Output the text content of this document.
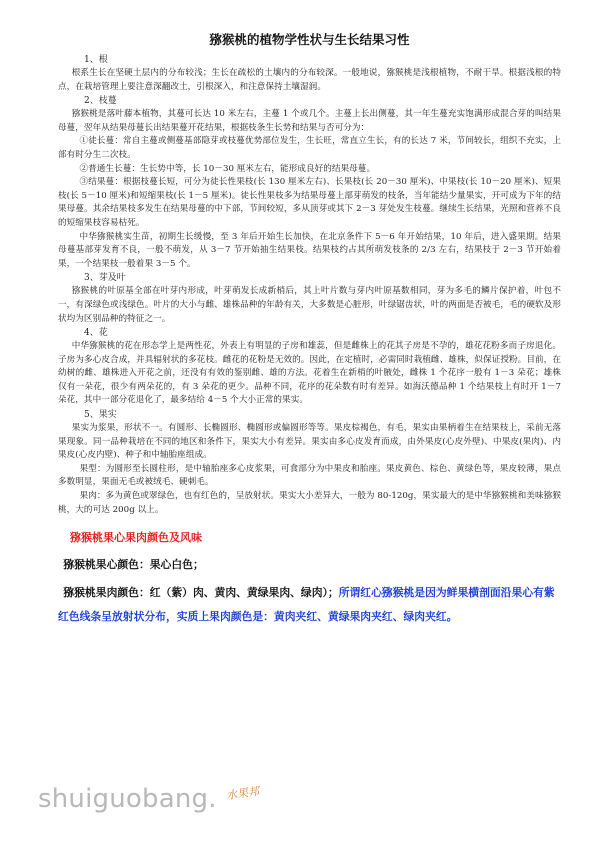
猕猴桃的植物学性状与生长结果习性
1、根

根系生长在坚硬土层内的分布较浅；生长在疏松的土壤内的分布较深。一般地说，猕猴桃是浅根植物，不耐干旱。根据浅根的特点，在栽培管理上要注意深翻改土，引根深入，和注意保持土壤湿润。

2、枝蔓

猕猴桃是落叶藤本植物，其蔓可长达 10 米左右，主蔓 1 个或几个。主蔓上长出侧蔓，其一年生蔓充实饱满形成混合芽的叫结果母蔓，翌年从结果母蔓长出结果蔓开花结果，根据枝条生长势和结果与否可分为：

①徒长蔓：常自主蔓或侧蔓基部隐芽或枝蔓优势部位发生，生长旺，常直立生长，有的长达 7 米，节间较长，组织不充实，上部有时分生二次枝。

②普通生长蔓：生长势中等，长 10－30 厘米左右，能形成良好的结果母蔓。

③结果蔓：根据枝蔓长短，可分为徒长性果枝(长 130 厘米左右)、长果枝(长 20－30 厘米)、中果枝(长 10－20 厘米)、短果枝(长 5－10 厘米)和短缩果枝(长 1－5 厘米)。徒长性果枝多为结果母蔓上部芽萌发的枝条，当年能结少量果实，开可成为下年的结果母蔓。其余结果枝多发生在结果母蔓的中下部，节间较短，多从顶芽或其下 2－3 芽处发生枝蔓。继续生长结果，光照和营养不良的短缩果枝容易枯死。

中华猕猴桃实生苗，初期生长缓慢，至 3 年后开始生长加快，在北京条件下 5－6 年开始结果，10 年后，进入盛果期。结果母蔓基部芽发育不良，一般不萌发，从 3－7 节开始抽生结果枝。结果枝约占其所萌发枝条的 2/3 左右，结果枝于 2－3 节开始着果，一个结果枝一般着果 3－5 个。

3、芽及叶

猕猴桃的叶原基全部在叶芽内形成，叶芽萌发长成新梢后，其上叶片数与芽内叶原基数相同，芽为多毛的鳞片保护着，叶包不一，有深绿色或浅绿色。叶片的大小与雌、雄株品种的年龄有关，大多数是心脏形，叶绿锯齿状，叶的两面是否被毛，毛的硬软及形状均为区别品种的特征之一。

4、花

中华猕猴桃的花在形态学上是两性花，外表上有明显的子房和雄蕊，但是雌株上的花其子房是不孕的，雄花花粉多而子房退化。子房为多心皮合成，并具辐射状的多花枝。雌花的花粉是无效的。因此，在定植时，必需同时栽植雌、雄株，似保证授粉。目前，在幼树的雌、雄株进入开花之前，还没有有效的鉴别雌、雄的方法。花着生在新梢的叶腋处，雌株 1 个花序一般有 1－3 朵花；雄株仅有一朵花，很少有两朵花的，有 3 朵花的更少。品种不同，花序的花朵数有时有差异。如海沃德品种 1 个结果枝上有时开 1－7 朵花，其中一部分花退化了，最多结给 4－5 个大小正常的果实。

5、果实

果实为浆果，形状不一。有圆形、长椭圆形、椭圆形或偏圆形等等。果皮棕褐色，有毛，果实由果柄着生在结果枝上，采前无落果现象。同一品种栽培在不同的地区和条件下，果实大小有差异。果实由多心皮发育而成，由外果皮(心皮外壁)、中果皮(果肉)、内果皮(心皮内壁)、种子和中轴胎座组成。

果型：为圆形至长圆柱形，是中轴胎座多心皮浆果，可食部分为中果皮和胎座。果皮黄色、棕色、黄绿色等，果皮较薄，果点多数明显，果面无毛或被绒毛、硬刺毛。

果肉：多为黄色或翠绿色，也有红色的，呈放射状。果实大小差异大，一般为 80-120g，果实最大的是中华猕猴桃和美味猕猴桃，大的可达 200g 以上。

猕猴桃果心果肉颜色及风味

猕猴桃果心颜色：果心白色；

猕猴桃果肉颜色：红（紫）肉、黄肉、黄绿果肉、绿肉）；所谓红心猕猴桃是因为鲜果横剖面沿果心有紫红色线条呈放射状分布，实质上果肉颜色是：黄肉夹红、黄绿果肉夹红、绿肉夹红。

shuiguobang. 水果邦
